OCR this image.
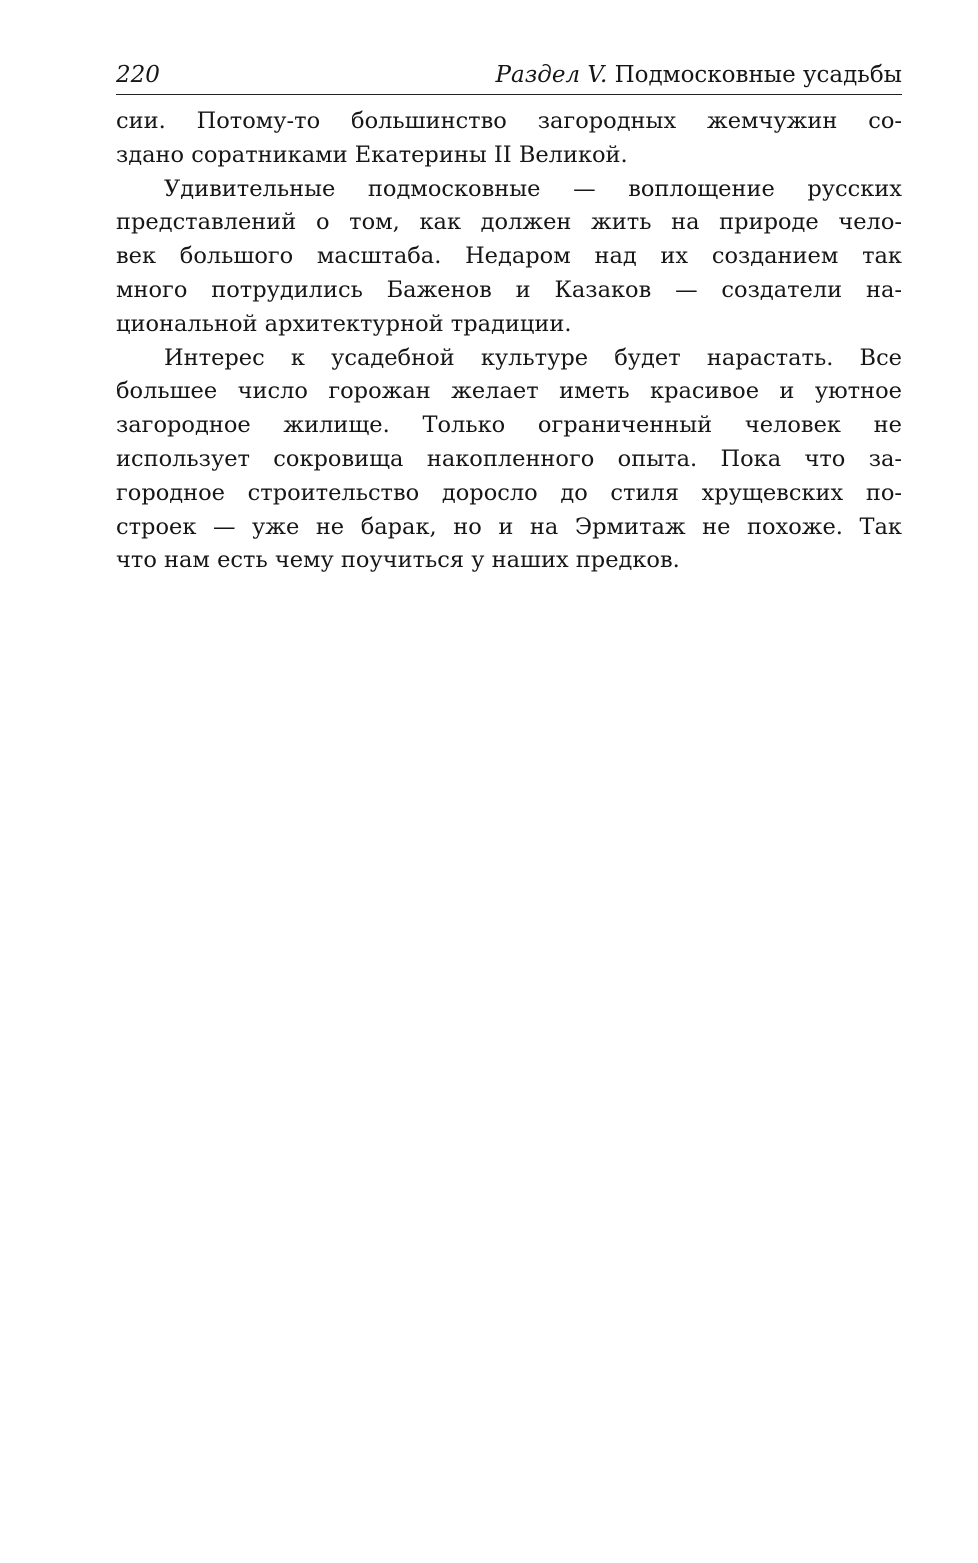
220	Раздел V. Подмосковные усадьбы
сии. Потому-то большинство загородных жемчужин со-
здано соратниками Екатерины II Великой.
Удивительные подмосковные — воплощение русских
представлений о том, как должен жить на природе чело-
век большого масштаба. Недаром над их созданием так
много потрудились Баженов и Казаков — создатели на-
циональной архитектурной традиции.
Интерес к усадебной культуре будет нарастать. Все
большее число горожан желает иметь красивое и уютное
загородное жилище. Только ограниченный человек не
использует сокровища накопленного опыта. Пока что за-
городное строительство доросло до стиля хрущевских по-
строек — уже не барак, но и на Эрмитаж не похоже. Так
что нам есть чему поучиться у наших предков.
